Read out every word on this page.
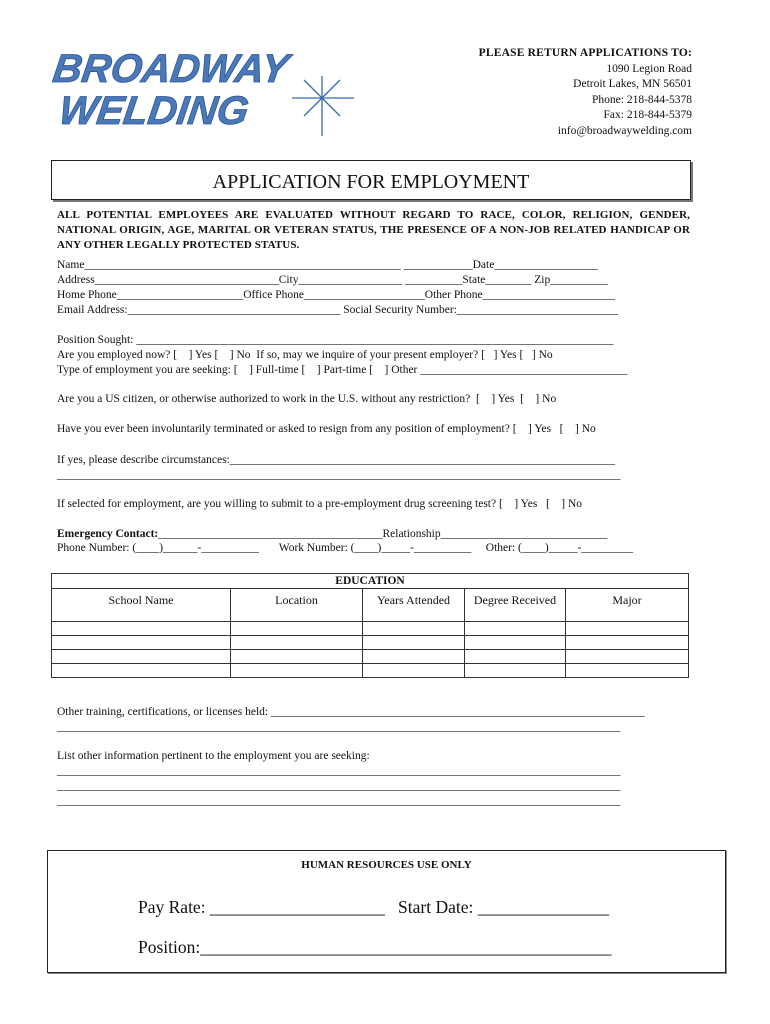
BROADWAY
WELDING
PLEASE RETURN APPLICATIONS TO:
1090 Legion Road
Detroit Lakes, MN 56501
Phone: 218-844-5378
Fax: 218-844-5379
info@broadwaywelding.com
APPLICATION FOR EMPLOYMENT
ALL POTENTIAL EMPLOYEES ARE EVALUATED WITHOUT REGARD TO RACE, COLOR, RELIGION, GENDER, NATIONAL ORIGIN, AGE, MARITAL OR VETERAN STATUS, THE PRESENCE OF A NON-JOB RELATED HANDICAP OR ANY OTHER LEGALLY PROTECTED STATUS.
Name_______________________________________________________ ____________Date__________________
Address________________________________City__________________ __________State________ Zip__________
Home Phone______________________Office Phone_____________________Other Phone_______________________
Email Address:_____________________________________ Social Security Number:____________________________
Position Sought: ___________________________________________________________________________________
Are you employed now? [    ] Yes [    ] No  If so, may we inquire of your present employer? [   ] Yes [   ] No
Type of employment you are seeking: [    ] Full-time [    ] Part-time [    ] Other ____________________________________
Are you a US citizen, or otherwise authorized to work in the U.S. without any restriction?  [    ] Yes  [    ] No
Have you ever been involuntarily terminated or asked to resign from any position of employment? [    ] Yes   [    ] No
If yes, please describe circumstances:___________________________________________________________________
__________________________________________________________________________________________________
If selected for employment, are you willing to submit to a pre-employment drug screening test? [    ] Yes   [    ] No
Emergency Contact:_______________________________________Relationship_____________________________
Phone Number: (____)______-__________       Work Number: (____)_____-__________     Other: (____)_____-_________
EDUCATION				
School Name	Location	Years Attended	Degree Received	Major

Other training, certifications, or licenses held: _________________________________________________________________
__________________________________________________________________________________________________
List other information pertinent to the employment you are seeking:
__________________________________________________________________________________________________
__________________________________________________________________________________________________
__________________________________________________________________________________________________
HUMAN RESOURCES USE ONLY
Pay Rate: ____________________   Start Date: _______________
Position:_______________________________________________
